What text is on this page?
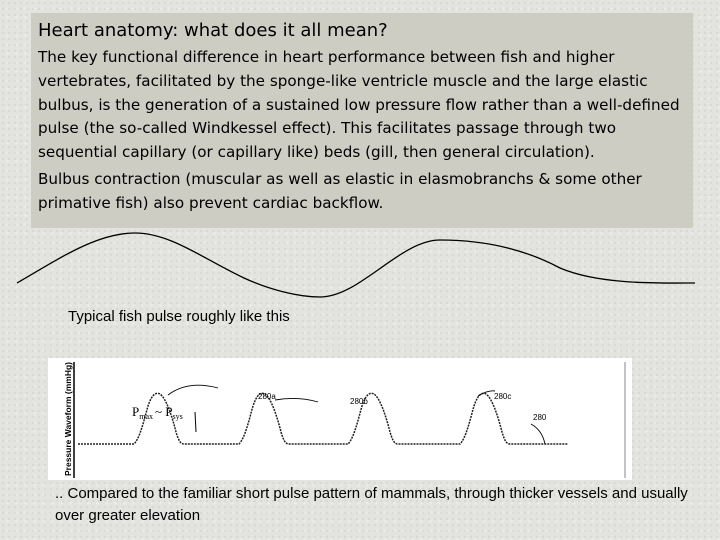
Heart anatomy: what does it all mean?

The key functional difference in heart performance between fish and higher vertebrates, facilitated by the sponge-like ventricle muscle and the large elastic bulbus, is the generation of a sustained low pressure flow rather than a well-defined pulse (the so-called Windkessel effect). This facilitates passage through two sequential capillary (or capillary like) beds (gill, then general circulation).

Bulbus contraction (muscular as well as elastic in elasmobranchs & some other primative fish) also prevent cardiac backflow.

Typical fish pulse roughly like this
Pressure Waveform (mmHg)	$P_{max}$ ~ $P_{sys}$
280a
280b
280c
280
.. Compared to the familiar short pulse pattern of mammals, through thicker vessels and usually over greater elevation
